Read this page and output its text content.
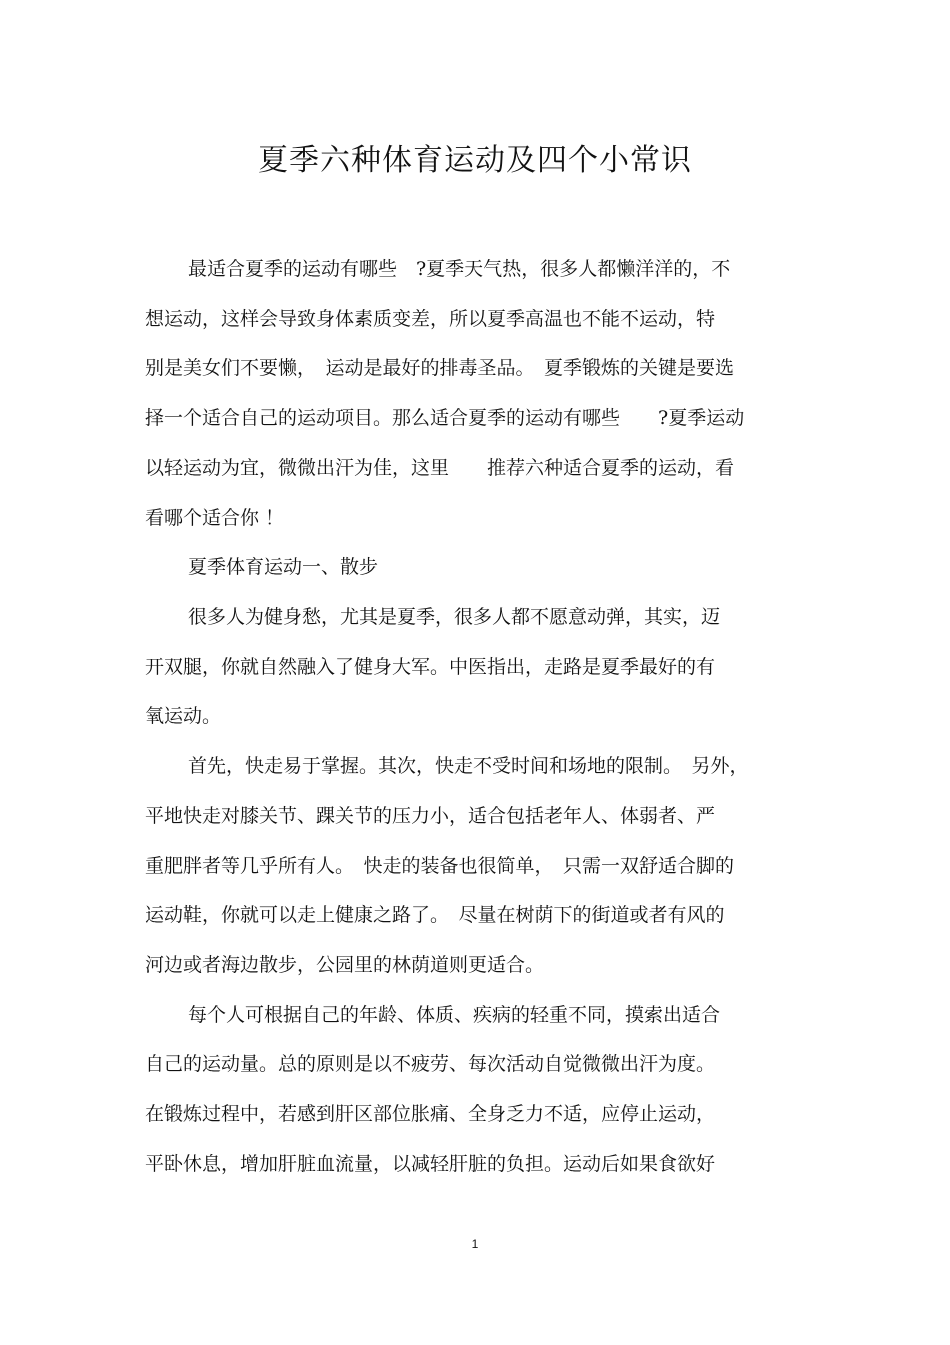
夏季六种体育运动及四个小常识

最适合夏季的运动有哪些　?夏季天气热，很多人都懒洋洋的，不

想运动，这样会导致身体素质变差，所以夏季高温也不能不运动，特

别是美女们不要懒，　运动是最好的排毒圣品。　夏季锻炼的关键是要选

择一个适合自己的运动项目。那么适合夏季的运动有哪些　　?夏季运动

以轻运动为宜，微微出汗为佳，这里　　推荐六种适合夏季的运动，看

看哪个适合你 ！

夏季体育运动一、散步

很多人为健身愁，尤其是夏季，很多人都不愿意动弹，其实，迈

开双腿，你就自然融入了健身大军。中医指出，走路是夏季最好的有

氧运动。

首先，快走易于掌握。其次，快走不受时间和场地的限制。　另外，

平地快走对膝关节、踝关节的压力小，适合包括老年人、体弱者、严

重肥胖者等几乎所有人。　快走的装备也很简单，　只需一双舒适合脚的

运动鞋，你就可以走上健康之路了。　尽量在树荫下的街道或者有风的

河边或者海边散步，公园里的林荫道则更适合。

每个人可根据自己的年龄、体质、疾病的轻重不同，摸索出适合

自己的运动量。总的原则是以不疲劳、每次活动自觉微微出汗为度。

在锻炼过程中，若感到肝区部位胀痛、全身乏力不适，应停止运动，

平卧休息，增加肝脏血流量，以减轻肝脏的负担。运动后如果食欲好

1
